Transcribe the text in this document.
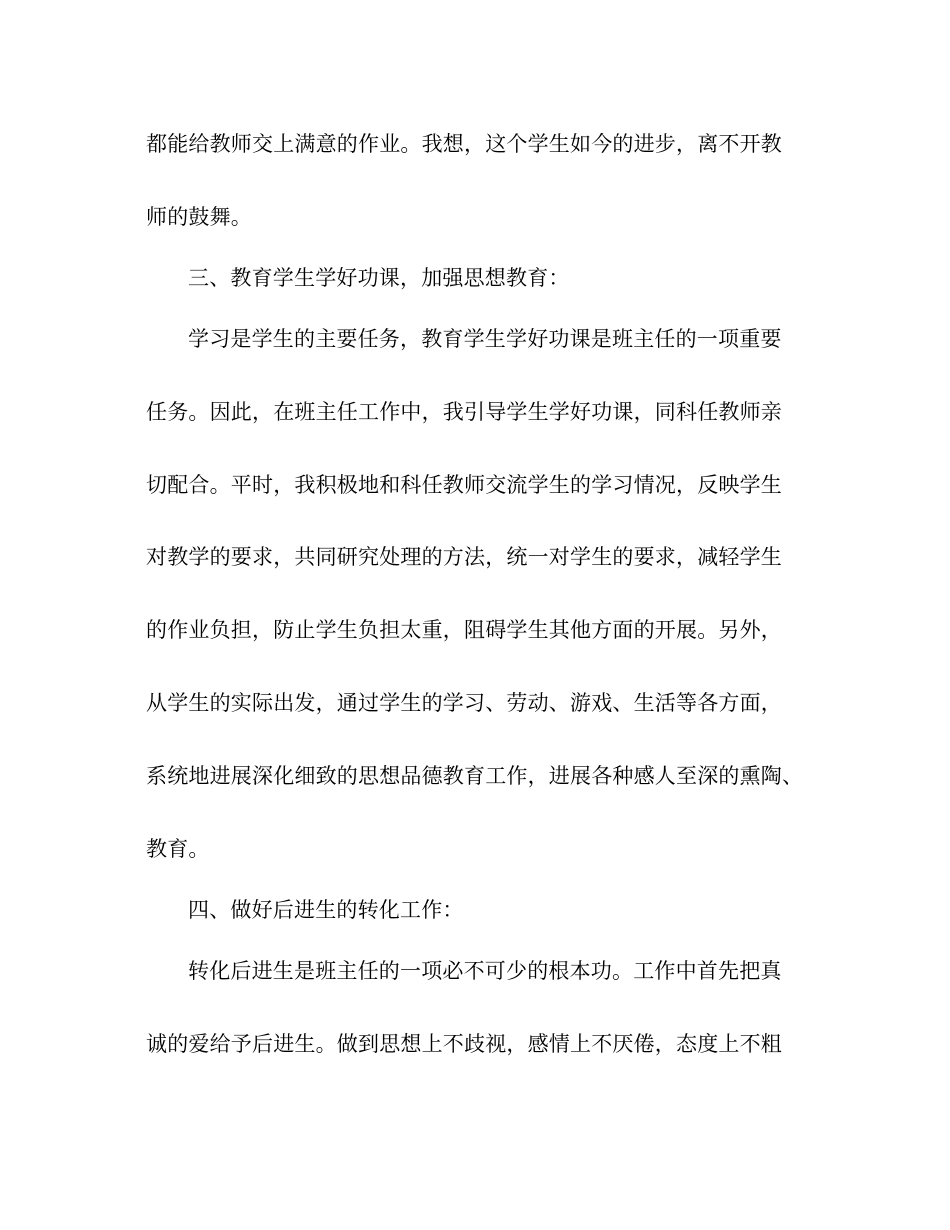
都能给教师交上满意的作业。我想，这个学生如今的进步，离不开教
师的鼓舞。
三、教育学生学好功课，加强思想教育：
学习是学生的主要任务，教育学生学好功课是班主任的一项重要
任务。因此，在班主任工作中，我引导学生学好功课，同科任教师亲
切配合。平时，我积极地和科任教师交流学生的学习情况，反映学生
对教学的要求，共同研究处理的方法，统一对学生的要求，减轻学生
的作业负担，防止学生负担太重，阻碍学生其他方面的开展。另外，
从学生的实际出发，通过学生的学习、劳动、游戏、生活等各方面，
系统地进展深化细致的思想品德教育工作，进展各种感人至深的熏陶、
教育。
四、做好后进生的转化工作：
转化后进生是班主任的一项必不可少的根本功。工作中首先把真
诚的爱给予后进生。做到思想上不歧视，感情上不厌倦，态度上不粗
